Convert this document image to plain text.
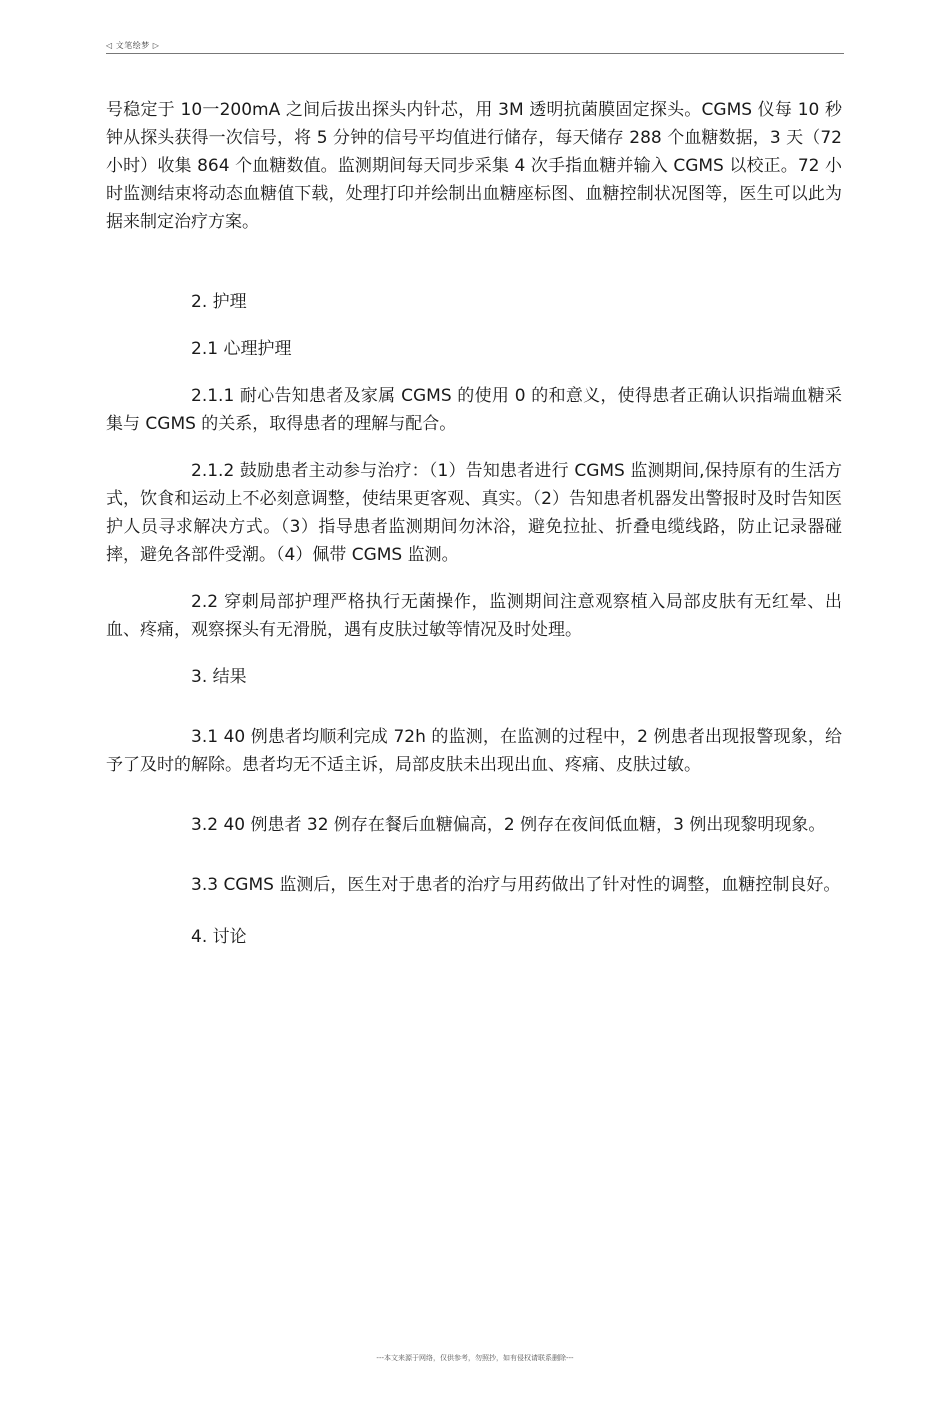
◁ 文笔绘梦 ▷

号稳定于 10一200mA 之间后拔出探头内针芯，用 3M 透明抗菌膜固定探头。CGMS 仪每 10 秒钟从探头获得一次信号，将 5 分钟的信号平均值进行储存，每天储存 288 个血糖数据，3 天（72 小时）收集 864 个血糖数值。监测期间每天同步采集 4 次手指血糖并输入 CGMS 以校正。72 小时监测结束将动态血糖值下载，处理打印并绘制出血糖座标图、血糖控制状况图等，医生可以此为据来制定治疗方案。

2. 护理

2.1 心理护理

2.1.1 耐心告知患者及家属 CGMS 的使用 0 的和意义，使得患者正确认识指端血糖采集与 CGMS 的关系，取得患者的理解与配合。

2.1.2 鼓励患者主动参与治疗：（1）告知患者进行 CGMS 监测期间,保持原有的生活方式，饮食和运动上不必刻意调整，使结果更客观、真实。（2）告知患者机器发出警报时及时告知医护人员寻求解决方式。（3）指导患者监测期间勿沐浴，避免拉扯、折叠电缆线路，防止记录器碰摔，避免各部件受潮。（4）佩带 CGMS 监测。

2.2 穿刺局部护理严格执行无菌操作，监测期间注意观察植入局部皮肤有无红晕、出血、疼痛，观察探头有无滑脱，遇有皮肤过敏等情况及时处理。

3. 结果

3.1 40 例患者均顺利完成 72h 的监测，在监测的过程中，2 例患者出现报警现象，给予了及时的解除。患者均无不适主诉，局部皮肤未出现出血、疼痛、皮肤过敏。

3.2 40 例患者 32 例存在餐后血糖偏高，2 例存在夜间低血糖，3 例出现黎明现象。

3.3 CGMS 监测后，医生对于患者的治疗与用药做出了针对性的调整，血糖控制良好。

4. 讨论

---本文来源于网络，仅供参考，勿照抄，如有侵权请联系删除---
